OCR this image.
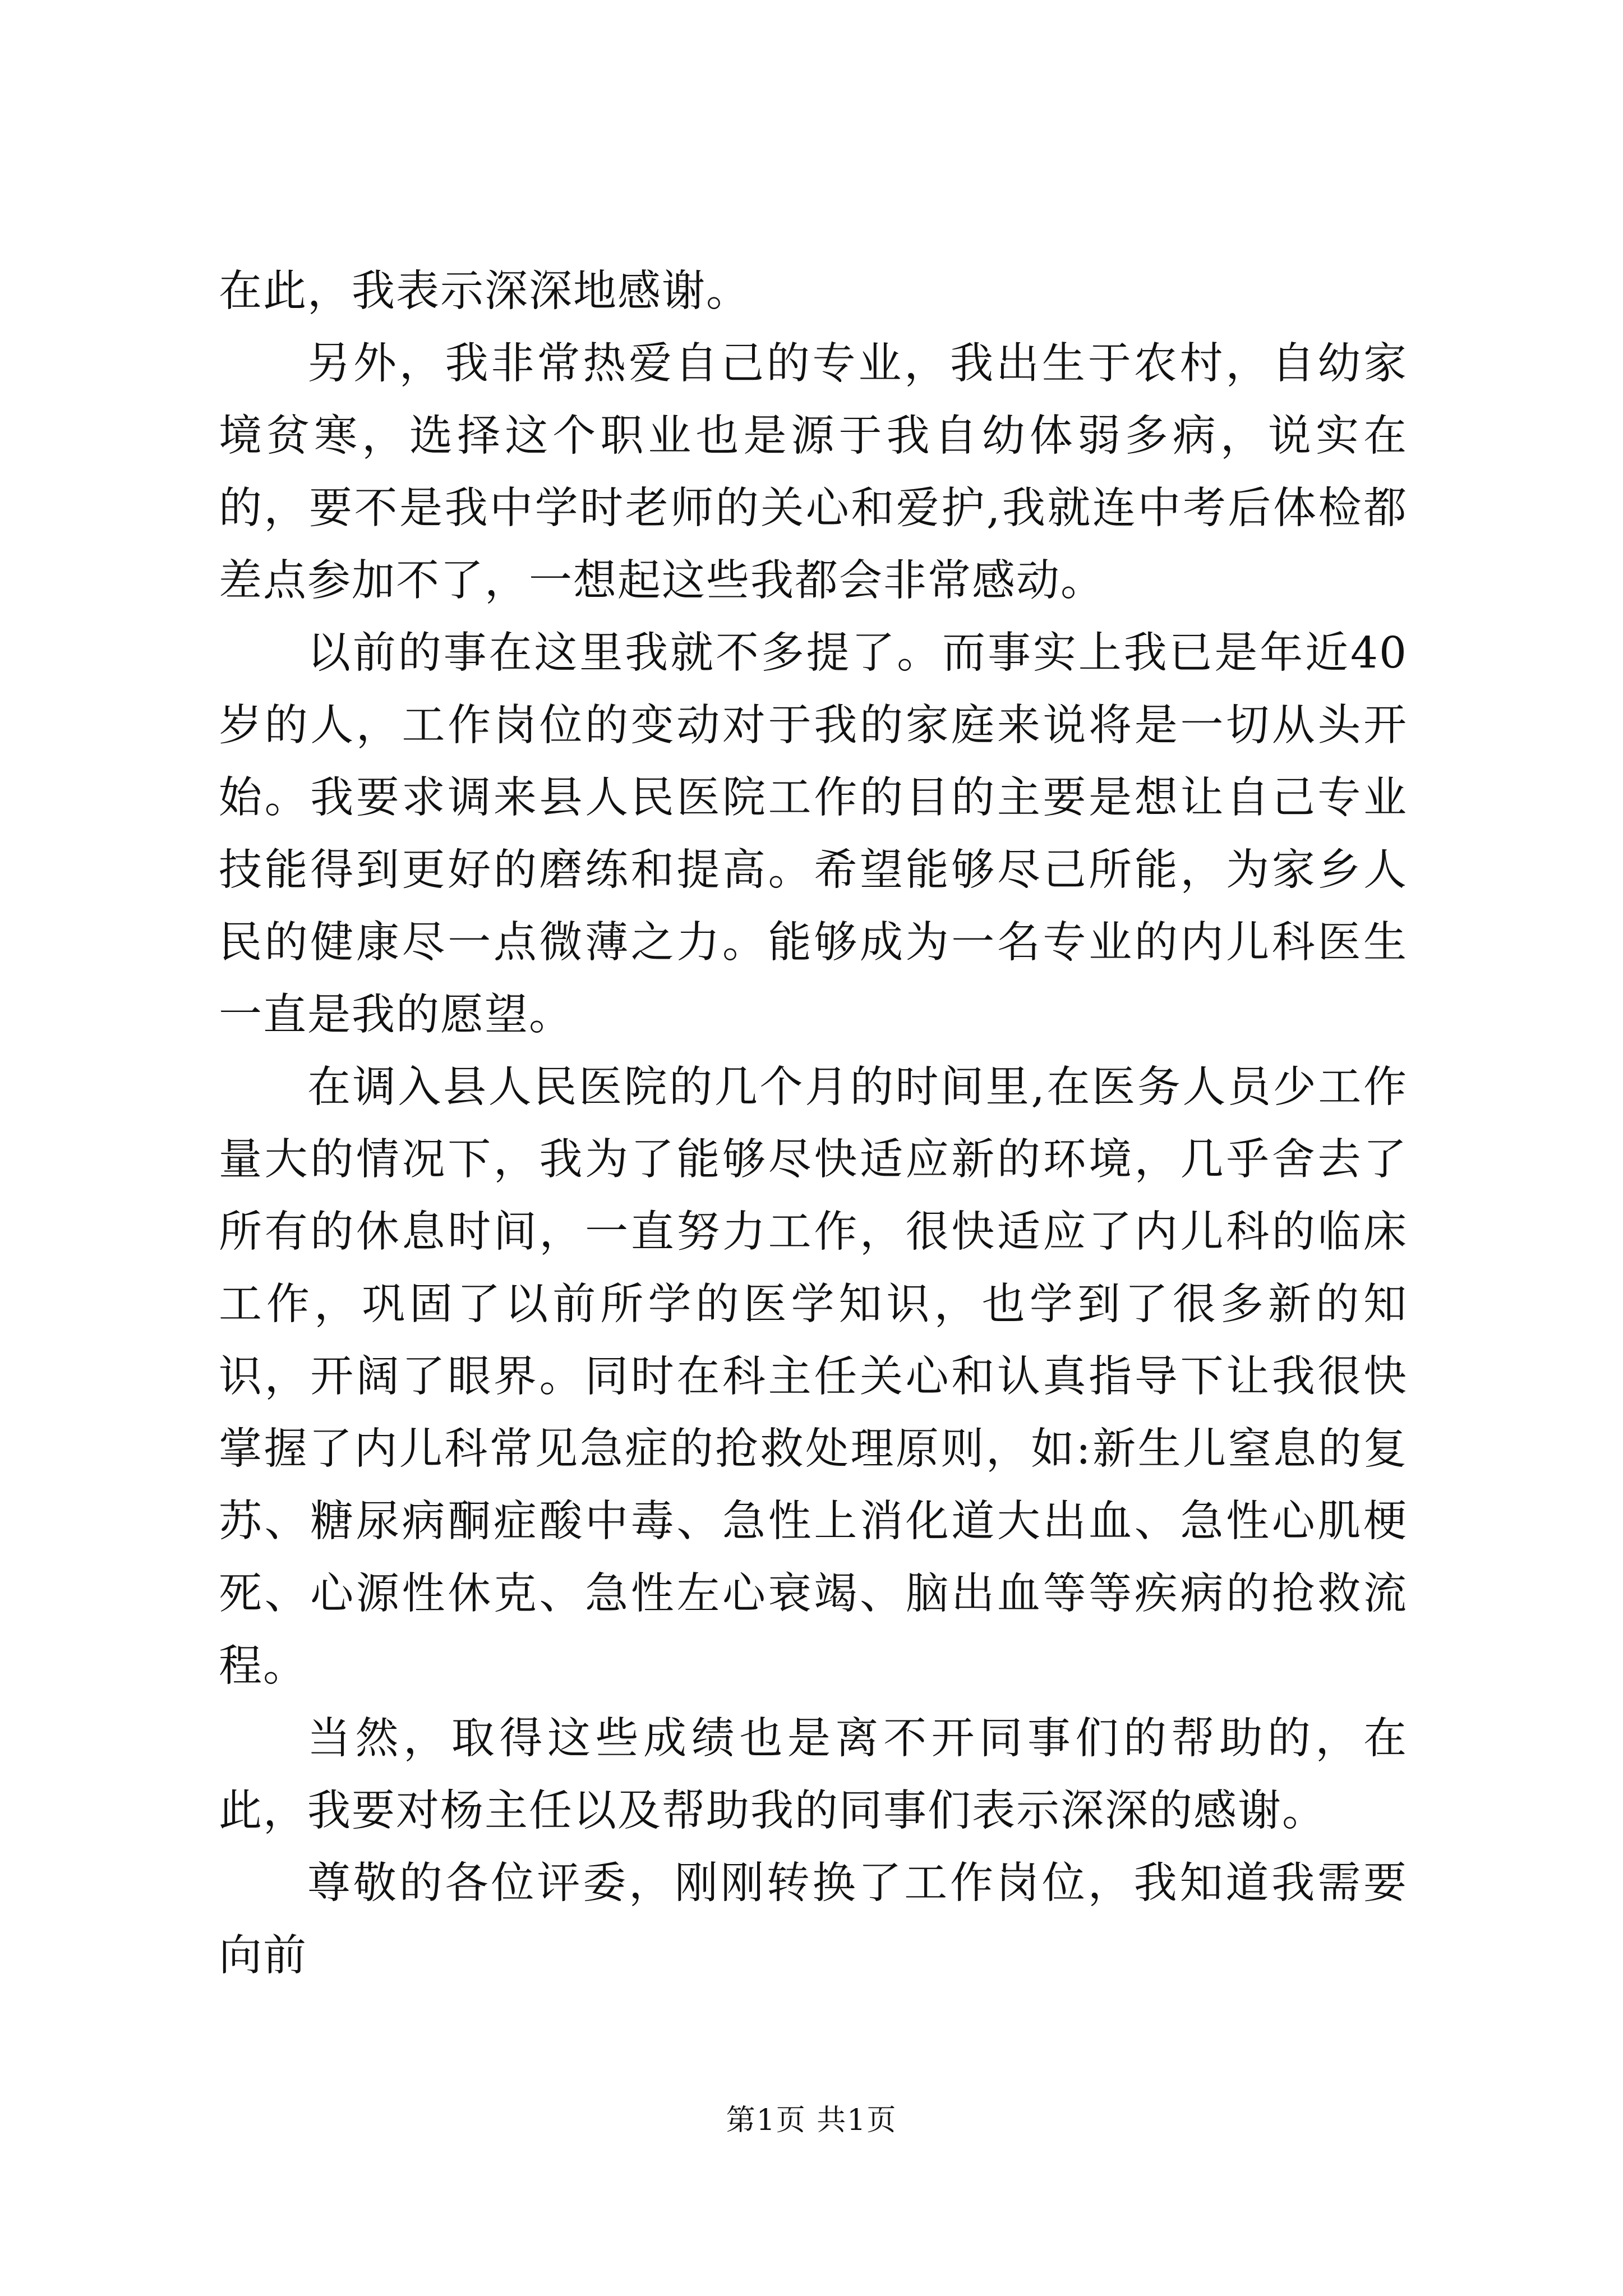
在此，我表示深深地感谢。

另外，我非常热爱自己的专业，我出生于农村，自幼家境贫寒，选择这个职业也是源于我自幼体弱多病，说实在的，要不是我中学时老师的关心和爱护,我就连中考后体检都差点参加不了，一想起这些我都会非常感动。

以前的事在这里我就不多提了。而事实上我已是年近40岁的人，工作岗位的变动对于我的家庭来说将是一切从头开始。我要求调来县人民医院工作的目的主要是想让自己专业技能得到更好的磨练和提高。希望能够尽己所能，为家乡人民的健康尽一点微薄之力。能够成为一名专业的内儿科医生一直是我的愿望。

在调入县人民医院的几个月的时间里,在医务人员少工作量大的情况下，我为了能够尽快适应新的环境，几乎舍去了所有的休息时间，一直努力工作，很快适应了内儿科的临床工作，巩固了以前所学的医学知识，也学到了很多新的知识，开阔了眼界。同时在科主任关心和认真指导下让我很快掌握了内儿科常见急症的抢救处理原则，如:新生儿窒息的复苏、糖尿病酮症酸中毒、急性上消化道大出血、急性心肌梗死、心源性休克、急性左心衰竭、脑出血等等疾病的抢救流程。

当然，取得这些成绩也是离不开同事们的帮助的，在此，我要对杨主任以及帮助我的同事们表示深深的感谢。

尊敬的各位评委，刚刚转换了工作岗位，我知道我需要向前

第1页 共1页
